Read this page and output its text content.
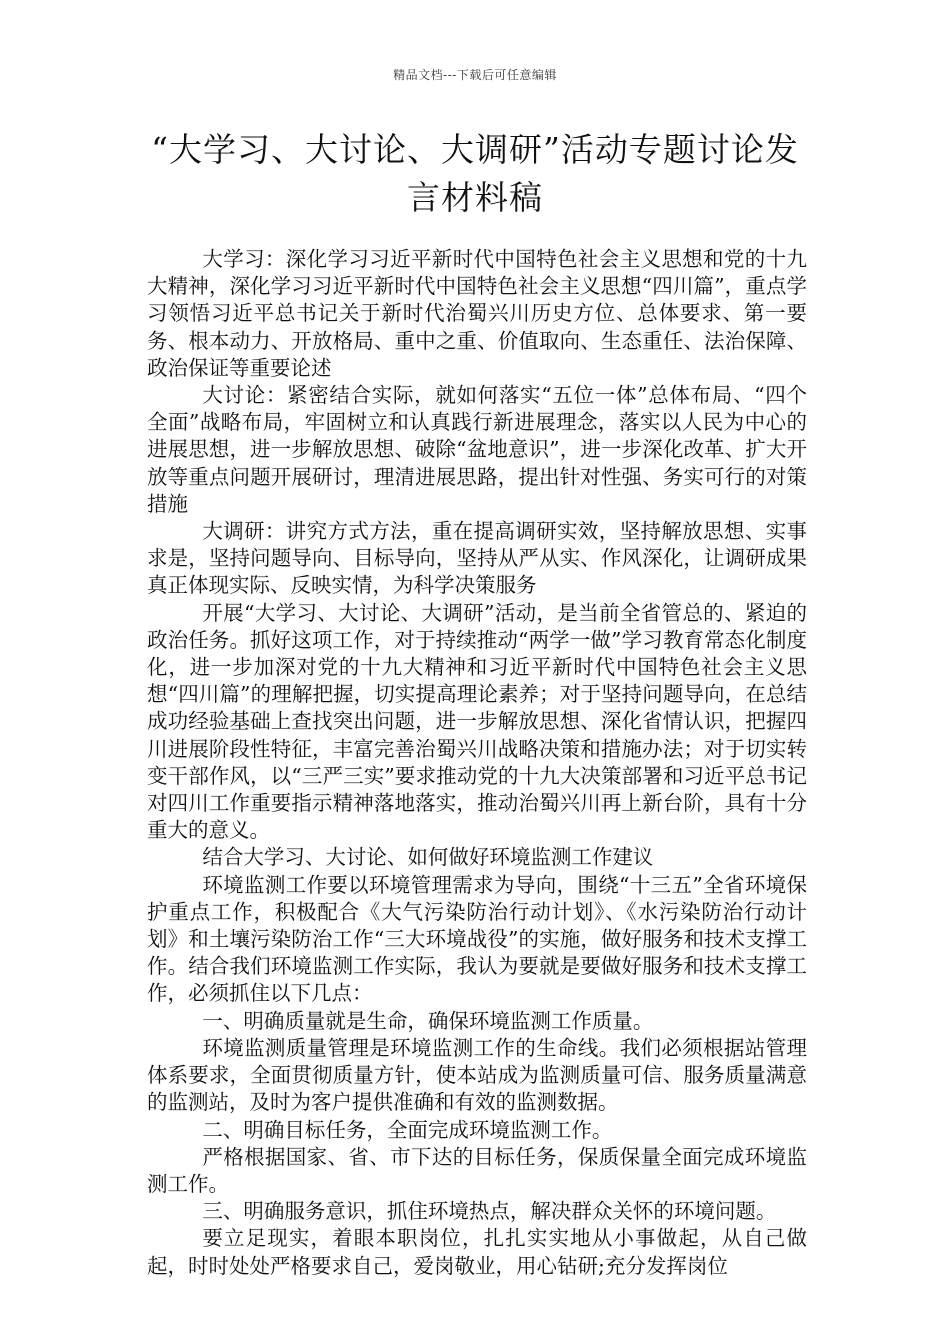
精品文档---下载后可任意编辑
“大学习、大讨论、大调研”活动专题讨论发言材料稿

大学习：深化学习习近平新时代中国特色社会主义思想和党的十九大精神，深化学习习近平新时代中国特色社会主义思想“四川篇”，重点学习领悟习近平总书记关于新时代治蜀兴川历史方位、总体要求、第一要务、根本动力、开放格局、重中之重、价值取向、生态重任、法治保障、政治保证等重要论述

大讨论：紧密结合实际，就如何落实“五位一体”总体布局、“四个全面”战略布局，牢固树立和认真践行新进展理念，落实以人民为中心的进展思想，进一步解放思想、破除“盆地意识”，进一步深化改革、扩大开放等重点问题开展研讨，理清进展思路，提出针对性强、务实可行的对策措施

大调研：讲究方式方法，重在提高调研实效，坚持解放思想、实事求是，坚持问题导向、目标导向，坚持从严从实、作风深化，让调研成果真正体现实际、反映实情，为科学决策服务

开展“大学习、大讨论、大调研”活动，是当前全省管总的、紧迫的政治任务。抓好这项工作，对于持续推动“两学一做”学习教育常态化制度化，进一步加深对党的十九大精神和习近平新时代中国特色社会主义思想“四川篇”的理解把握，切实提高理论素养；对于坚持问题导向，在总结成功经验基础上查找突出问题，进一步解放思想、深化省情认识，把握四川进展阶段性特征，丰富完善治蜀兴川战略决策和措施办法；对于切实转变干部作风，以“三严三实”要求推动党的十九大决策部署和习近平总书记对四川工作重要指示精神落地落实，推动治蜀兴川再上新台阶，具有十分重大的意义。

结合大学习、大讨论、如何做好环境监测工作建议

环境监测工作要以环境管理需求为导向，围绕“十三五”全省环境保护重点工作，积极配合《大气污染防治行动计划》、《水污染防治行动计划》和土壤污染防治工作“三大环境战役”的实施，做好服务和技术支撑工作。结合我们环境监测工作实际，我认为要就是要做好服务和技术支撑工作，必须抓住以下几点：

一、明确质量就是生命，确保环境监测工作质量。

环境监测质量管理是环境监测工作的生命线。我们必须根据站管理体系要求，全面贯彻质量方针，使本站成为监测质量可信、服务质量满意的监测站，及时为客户提供准确和有效的监测数据。

二、明确目标任务，全面完成环境监测工作。

严格根据国家、省、市下达的目标任务，保质保量全面完成环境监测工作。

三、明确服务意识，抓住环境热点，解决群众关怀的环境问题。

要立足现实，着眼本职岗位，扎扎实实地从小事做起，从自己做起，时时处处严格要求自己，爱岗敬业，用心钻研;充分发挥岗位
